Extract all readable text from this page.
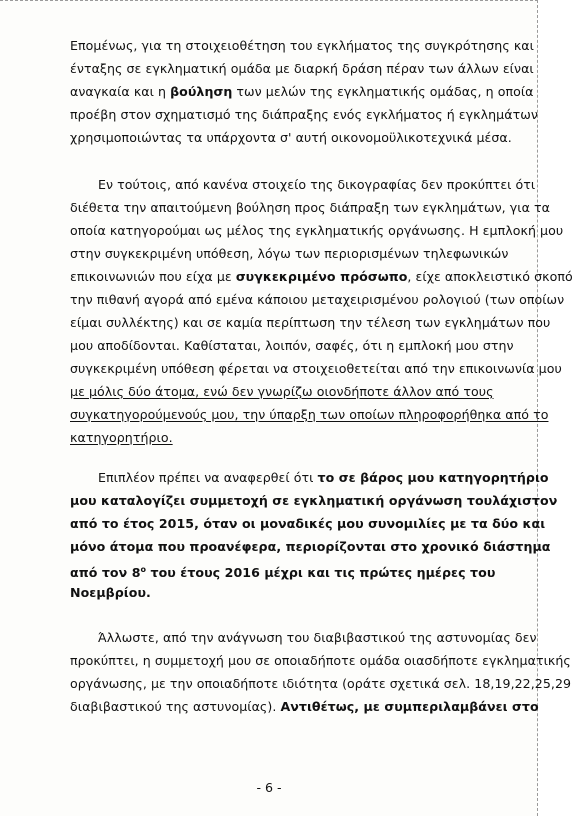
Επομένως, για τη στοιχειοθέτηση του εγκλήματος της συγκρότησης και
ένταξης σε εγκληματική ομάδα με διαρκή δράση πέραν των άλλων είναι
αναγκαία και η βούληση των μελών της εγκληματικής ομάδας, η οποία
προέβη στον σχηματισμό της διάπραξης ενός εγκλήματος ή εγκλημάτων
χρησιμοποιώντας τα υπάρχοντα σ' αυτή οικονομοϋλικοτεχνικά μέσα.
Εν τούτοις, από κανένα στοιχείο της δικογραφίας δεν προκύπτει ότι
διέθετα την απαιτούμενη βούληση προς διάπραξη των εγκλημάτων, για τα
οποία κατηγορούμαι ως μέλος της εγκληματικής οργάνωσης. Η εμπλοκή μου
στην συγκεκριμένη υπόθεση, λόγω των περιορισμένων τηλεφωνικών
επικοινωνιών που είχα με συγκεκριμένο πρόσωπο, είχε αποκλειστικό σκοπό
την πιθανή αγορά από εμένα κάποιου μεταχειρισμένου ρολογιού (των οποίων
είμαι συλλέκτης) και σε καμία περίπτωση την τέλεση των εγκλημάτων που
μου αποδίδονται. Καθίσταται, λοιπόν, σαφές, ότι η εμπλοκή μου στην
συγκεκριμένη υπόθεση φέρεται να στοιχειοθετείται από την επικοινωνία μου
με μόλις δύο άτομα, ενώ δεν γνωρίζω οιονδήποτε άλλον από τους
συγκατηγορούμενούς μου, την ύπαρξη των οποίων πληροφορήθηκα από το
κατηγορητήριο.
Επιπλέον πρέπει να αναφερθεί ότι το σε βάρος μου κατηγορητήριο
μου καταλογίζει συμμετοχή σε εγκληματική οργάνωση τουλάχιστον
από το έτος 2015, όταν οι μοναδικές μου συνομιλίες με τα δύο και
μόνο άτομα που προανέφερα, περιορίζονται στο χρονικό διάστημα
από τον $8^o$ του έτους 2016 μέχρι και τις πρώτες ημέρες του
Νοεμβρίου.
Άλλωστε, από την ανάγνωση του διαβιβαστικού της αστυνομίας δεν
προκύπτει, η συμμετοχή μου σε οποιαδήποτε ομάδα οιασδήποτε εγκληματικής
οργάνωσης, με την οποιαδήποτε ιδιότητα (οράτε σχετικά σελ. 18,19,22,25,29
διαβιβαστικού της αστυνομίας). Αντιθέτως, με συμπεριλαμβάνει στο
- 6 -
